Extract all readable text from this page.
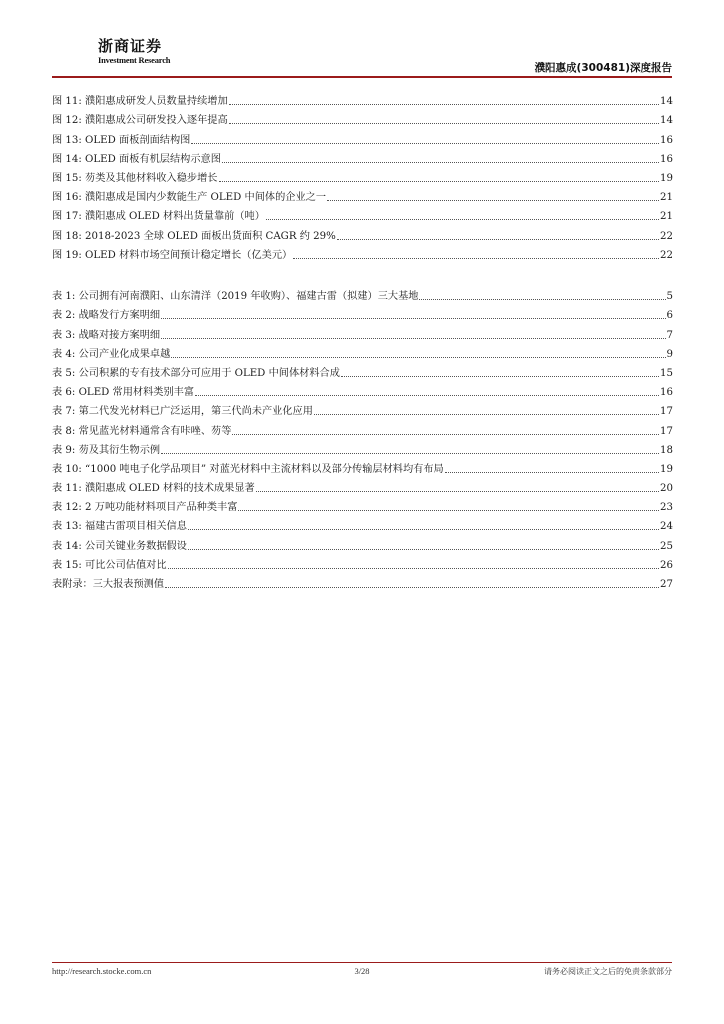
浙商证券
Investment Research
濮阳惠成(300481)深度报告
图 11: 濮阳惠成研发人员数量持续增加	14
图 12: 濮阳惠成公司研发投入逐年提高	14
图 13: OLED 面板剖面结构图	16
图 14: OLED 面板有机层结构示意图	16
图 15: 芴类及其他材料收入稳步增长	19
图 16: 濮阳惠成是国内少数能生产 OLED 中间体的企业之一	21
图 17: 濮阳惠成 OLED 材料出货量靠前（吨）	21
图 18: 2018-2023 全球 OLED 面板出货面积 CAGR 约 29%	22
图 19: OLED 材料市场空间预计稳定增长（亿美元）	22
表 1: 公司拥有河南濮阳、山东清洋（2019 年收购）、福建古雷（拟建）三大基地	5
表 2: 战略发行方案明细	6
表 3: 战略对接方案明细	7
表 4: 公司产业化成果卓越	9
表 5: 公司积累的专有技术部分可应用于 OLED 中间体材料合成	15
表 6: OLED 常用材料类别丰富	16
表 7: 第二代发光材料已广泛运用，第三代尚未产业化应用	17
表 8: 常见蓝光材料通常含有咔唑、芴等	17
表 9: 芴及其衍生物示例	18
表 10: “1000 吨电子化学品项目” 对蓝光材料中主流材料以及部分传输层材料均有布局	19
表 11: 濮阳惠成 OLED 材料的技术成果显著	20
表 12: 2 万吨功能材料项目产品种类丰富	23
表 13: 福建古雷项目相关信息	24
表 14: 公司关键业务数据假设	25
表 15: 可比公司估值对比	26
表附录：三大报表预测值	27
http://research.stocke.com.cn	3/28	请务必阅读正文之后的免责条款部分
